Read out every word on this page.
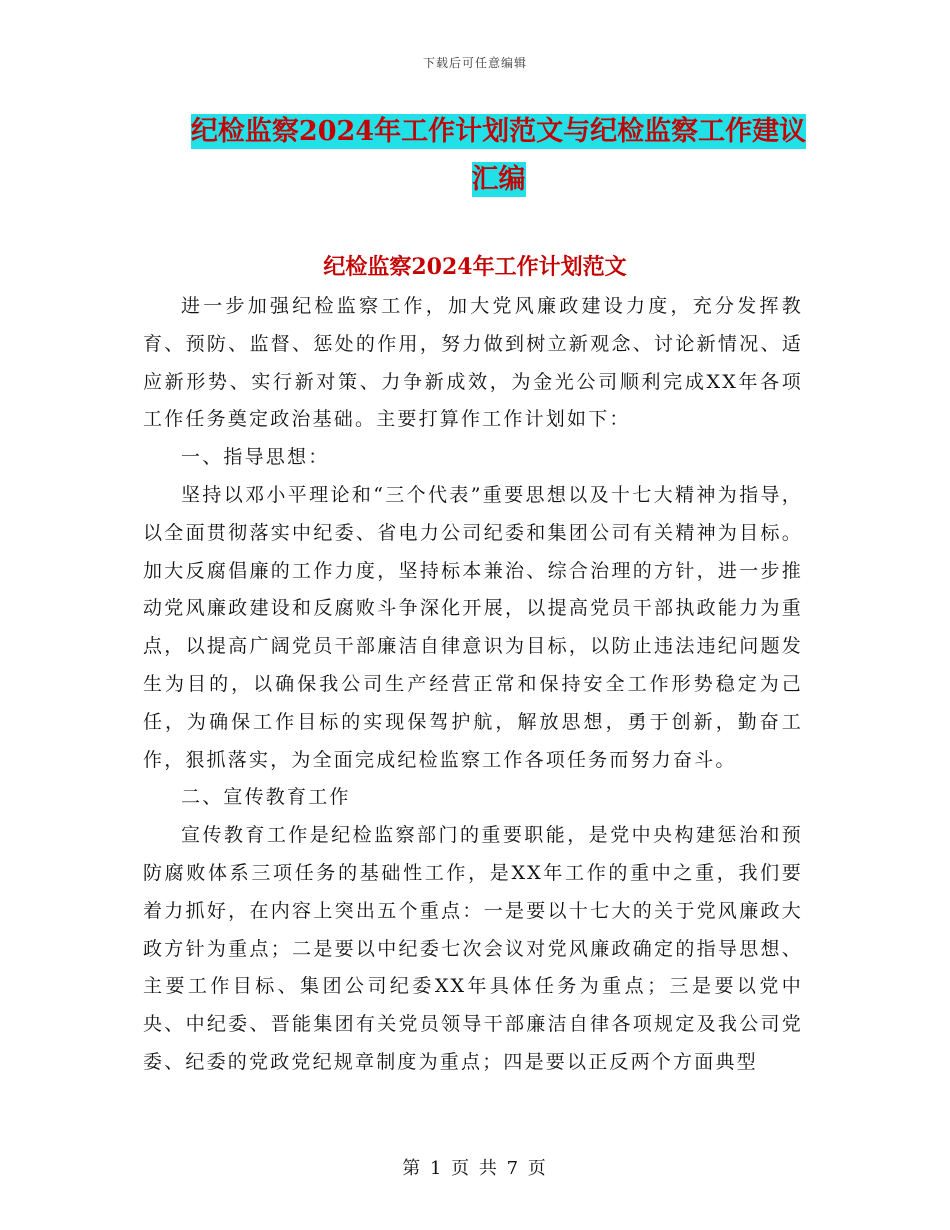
下载后可任意编辑
纪检监察2024年工作计划范文与纪检监察工作建议汇编
纪检监察2024年工作计划范文

进一步加强纪检监察工作，加大党风廉政建设力度，充分发挥教育、预防、监督、惩处的作用，努力做到树立新观念、讨论新情况、适应新形势、实行新对策、力争新成效，为金光公司顺利完成XX年各项工作任务奠定政治基础。主要打算作工作计划如下：

一、指导思想：

坚持以邓小平理论和“三个代表”重要思想以及十七大精神为指导，以全面贯彻落实中纪委、省电力公司纪委和集团公司有关精神为目标。加大反腐倡廉的工作力度，坚持标本兼治、综合治理的方针，进一步推动党风廉政建设和反腐败斗争深化开展，以提高党员干部执政能力为重点，以提高广阔党员干部廉洁自律意识为目标，以防止违法违纪问题发生为目的，以确保我公司生产经营正常和保持安全工作形势稳定为己任，为确保工作目标的实现保驾护航，解放思想，勇于创新，勤奋工作，狠抓落实，为全面完成纪检监察工作各项任务而努力奋斗。

二、宣传教育工作

宣传教育工作是纪检监察部门的重要职能，是党中央构建惩治和预防腐败体系三项任务的基础性工作，是XX年工作的重中之重，我们要着力抓好，在内容上突出五个重点：一是要以十七大的关于党风廉政大政方针为重点；二是要以中纪委七次会议对党风廉政确定的指导思想、主要工作目标、集团公司纪委XX年具体任务为重点；三是要以党中央、中纪委、晋能集团有关党员领导干部廉洁自律各项规定及我公司党委、纪委的党政党纪规章制度为重点；四是要以正反两个方面典型

第 1 页 共 7 页
